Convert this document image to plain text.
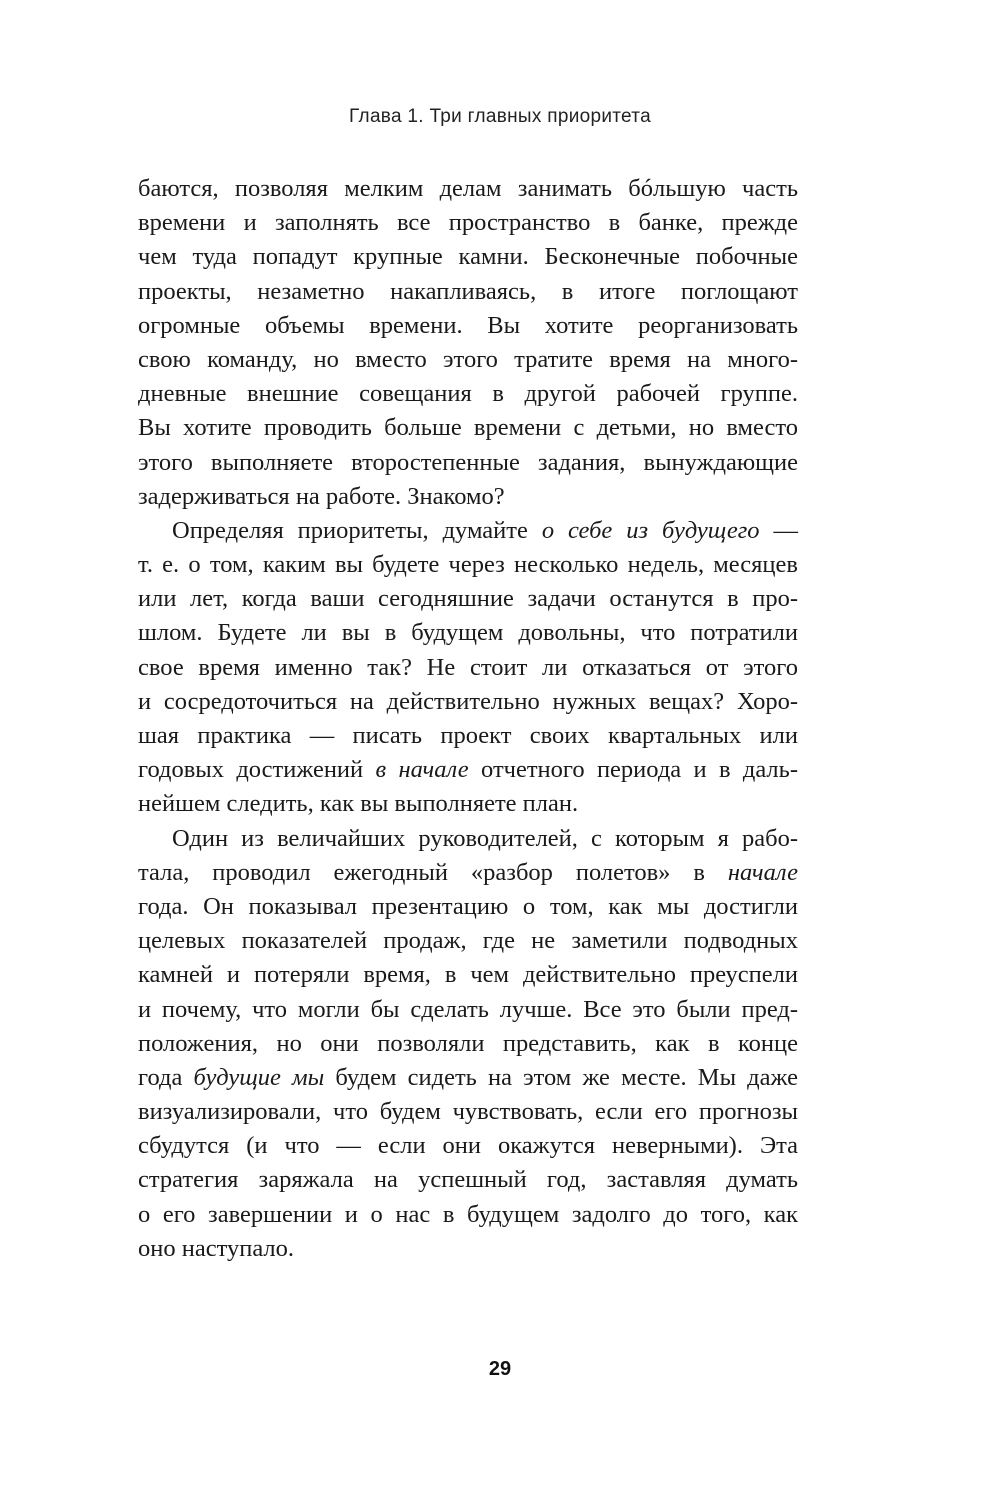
Глава 1. Три главных приоритета
баются, позволяя мелким делам занимать бóльшую часть
времени и заполнять все пространство в банке, прежде
чем туда попадут крупные камни. Бесконечные побочные
проекты, незаметно накапливаясь, в итоге поглощают
огромные объемы времени. Вы хотите реорганизовать
свою команду, но вместо этого тратите время на много-
дневные внешние совещания в другой рабочей группе.
Вы хотите проводить больше времени с детьми, но вместо
этого выполняете второстепенные задания, вынуждающие
задерживаться на работе. Знакомо?
Определяя приоритеты, думайте о себе из будущего —
т. е. о том, каким вы будете через несколько недель, месяцев
или лет, когда ваши сегодняшние задачи останутся в про-
шлом. Будете ли вы в будущем довольны, что потратили
свое время именно так? Не стоит ли отказаться от этого
и сосредоточиться на действительно нужных вещах? Хоро-
шая практика — писать проект своих квартальных или
годовых достижений в начале отчетного периода и в даль-
нейшем следить, как вы выполняете план.
Один из величайших руководителей, с которым я рабо-
тала, проводил ежегодный «разбор полетов» в начале
года. Он показывал презентацию о том, как мы достигли
целевых показателей продаж, где не заметили подводных
камней и потеряли время, в чем действительно преуспели
и почему, что могли бы сделать лучше. Все это были пред-
положения, но они позволяли представить, как в конце
года будущие мы будем сидеть на этом же месте. Мы даже
визуализировали, что будем чувствовать, если его прогнозы
сбудутся (и что — если они окажутся неверными). Эта
стратегия заряжала на успешный год, заставляя думать
о его завершении и о нас в будущем задолго до того, как
оно наступало.
29
